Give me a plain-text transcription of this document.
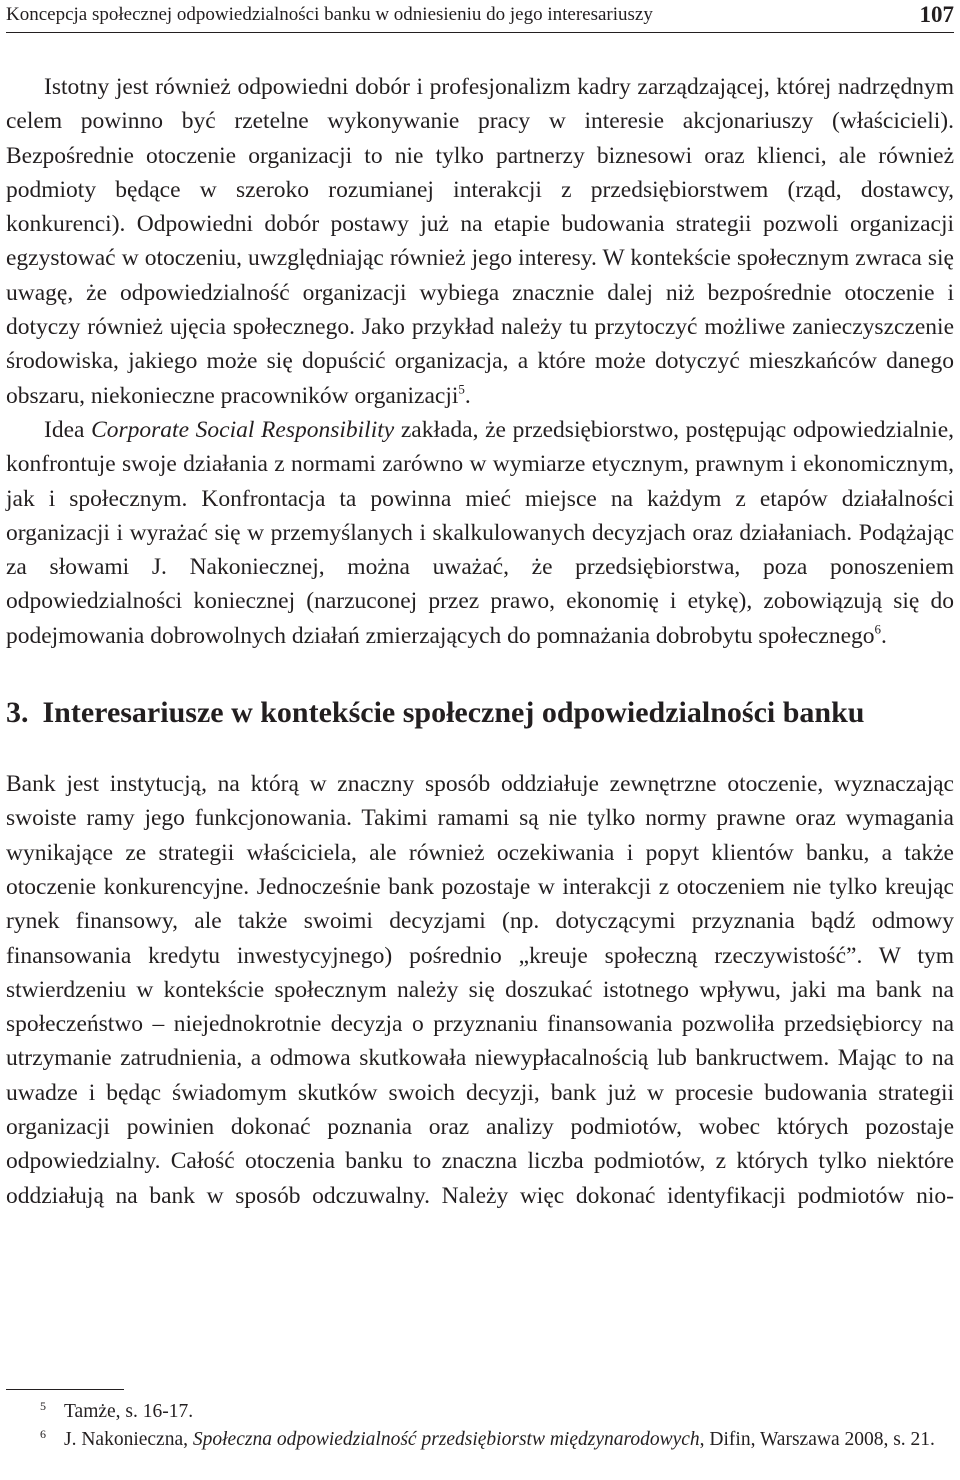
Koncepcja społecznej odpowiedzialności banku w odniesieniu do jego interesariuszy	107

Istotny jest również odpowiedni dobór i profesjonalizm kadry zarządzającej, której nadrzędnym celem powinno być rzetelne wykonywanie pracy w interesie akcjonariuszy (właścicieli). Bezpośrednie otoczenie organizacji to nie tylko partnerzy biznesowi oraz klienci, ale również podmioty będące w szeroko rozumianej interakcji z przedsiębiorstwem (rząd, dostawcy, konkurenci). Odpowiedni dobór postawy już na etapie budowania strategii pozwoli organizacji egzystować w otoczeniu, uwzględniając również jego interesy. W kontekście społecznym zwraca się uwagę, że odpowiedzialność organizacji wybiega znacznie dalej niż bezpośrednie otoczenie i dotyczy również ujęcia społecznego. Jako przykład należy tu przytoczyć możliwe zanieczyszczenie środowiska, jakiego może się dopuścić organizacja, a które może dotyczyć mieszkańców danego obszaru, niekonieczne pracowników organizacji$^5$.

Idea Corporate Social Responsibility zakłada, że przedsiębiorstwo, postępując odpowiedzialnie, konfrontuje swoje działania z normami zarówno w wymiarze etycznym, prawnym i ekonomicznym, jak i społecznym. Konfrontacja ta powinna mieć miejsce na każdym z etapów działalności organizacji i wyrażać się w przemyślanych i skalkulowanych decyzjach oraz działaniach. Podążając za słowami J. Nakoniecznej, można uważać, że przedsiębiorstwa, poza ponoszeniem odpowiedzialności koniecznej (narzuconej przez prawo, ekonomię i etykę), zobowiązują się do podejmowania dobrowolnych działań zmierzających do pomnażania dobrobytu społecznego$^6$.

3. Interesariusze w kontekście społecznej odpowiedzialności banku

Bank jest instytucją, na którą w znaczny sposób oddziałuje zewnętrzne otoczenie, wyznaczając swoiste ramy jego funkcjonowania. Takimi ramami są nie tylko normy prawne oraz wymagania wynikające ze strategii właściciela, ale również oczekiwania i popyt klientów banku, a także otoczenie konkurencyjne. Jednocześnie bank pozostaje w interakcji z otoczeniem nie tylko kreując rynek finansowy, ale także swoimi decyzjami (np. dotyczącymi przyznania bądź odmowy finansowania kredytu inwestycyjnego) pośrednio „kreuje społeczną rzeczywistość”. W tym stwierdzeniu w kontekście społecznym należy się doszukać istotnego wpływu, jaki ma bank na społeczeństwo – niejednokrotnie decyzja o przyznaniu finansowania pozwoliła przedsiębiorcy na utrzymanie zatrudnienia, a odmowa skutkowała niewypłacalnością lub bankructwem. Mając to na uwadze i będąc świadomym skutków swoich decyzji, bank już w procesie budowania strategii organizacji powinien dokonać poznania oraz analizy podmiotów, wobec których pozostaje odpowiedzialny. Całość otoczenia banku to znaczna liczba podmiotów, z których tylko niektóre oddziałują na bank w sposób odczuwalny. Należy więc dokonać identyfikacji podmiotów nio-

$^5$ Tamże, s. 16-17.

$^6$ J. Nakonieczna, Społeczna odpowiedzialność przedsiębiorstw międzynarodowych, Difin, Warszawa 2008, s. 21.
